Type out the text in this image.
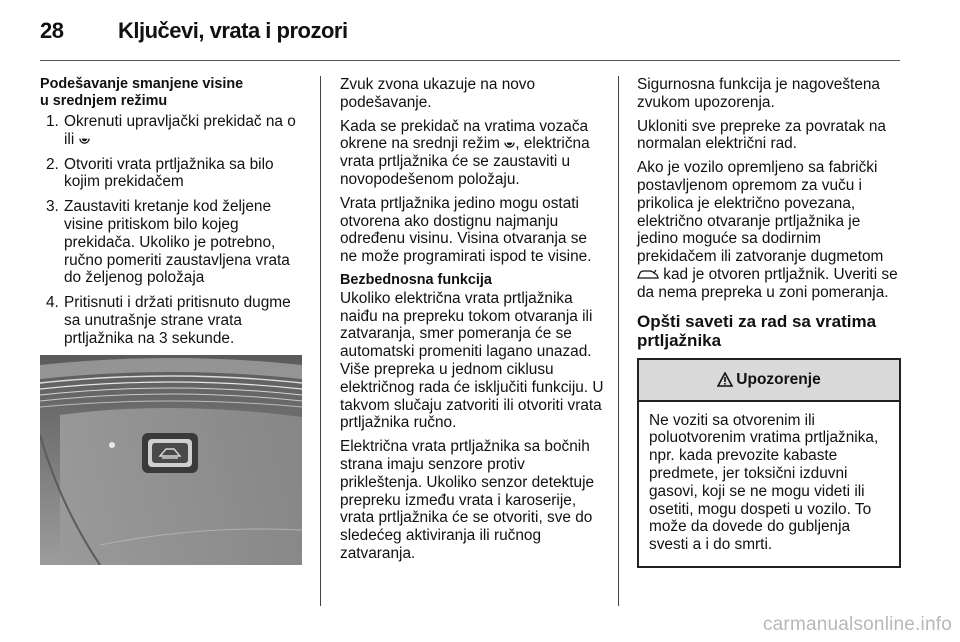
28 Ključevi, vrata i prozori
Podešavanje smanjene visine
u srednjem režimu
1. Okrenuti upravljački prekidač na o ili
2. Otvoriti vrata prtljažnika sa bilo kojim prekidačem
3. Zaustaviti kretanje kod željene visine pritiskom bilo kojeg prekidača. Ukoliko je potrebno, ručno pomeriti zaustavljena vrata do željenog položaja
4. Pritisnuti i držati pritisnuto dugme sa unutrašnje strane vrata prtljažnika na 3 sekunde.

Zvuk zvona ukazuje na novo podešavanje.

Kada se prekidač na vratima vozača okrene na srednji režim , električna vrata prtljažnika će se zaustaviti u novopodešenom položaju.

Vrata prtljažnika jedino mogu ostati otvorena ako dostignu najmanju određenu visinu. Visina otvaranja se ne može programirati ispod te visine.

Bezbednosna funkcija

Ukoliko električna vrata prtljažnika naiđu na prepreku tokom otvaranja ili zatvaranja, smer pomeranja će se automatski promeniti lagano unazad. Više prepreka u jednom ciklusu električnog rada će isključiti funkciju. U takvom slučaju zatvoriti ili otvoriti vrata prtljažnika ručno.

Električna vrata prtljažnika sa bočnih strana imaju senzore protiv prikleštenja. Ukoliko senzor detektuje prepreku između vrata i karoserije, vrata prtljažnika će se otvoriti, sve do sledećeg aktiviranja ili ručnog zatvaranja.

Sigurnosna funkcija je nagoveštena zvukom upozorenja.

Ukloniti sve prepreke za povratak na normalan električni rad.

Ako je vozilo opremljeno sa fabrički postavljenom opremom za vuču i prikolica je električno povezana, električno otvaranje prtljažnika je jedino moguće sa dodirnim prekidačem ili zatvoranje dugmetom  kad je otvoren prtljažnik. Uveriti se da nema prepreka u zoni pomeranja.

Opšti saveti za rad sa vratima prtljažnika
Upozorenje
Ne voziti sa otvorenim ili poluotvorenim vratima prtljažnika, npr. kada prevozite kabaste predmete, jer toksični izduvni gasovi, koji se ne mogu videti ili osetiti, mogu dospeti u vozilo. To može da dovede do gubljenja svesti a i do smrti.
carmanualsonline.info
